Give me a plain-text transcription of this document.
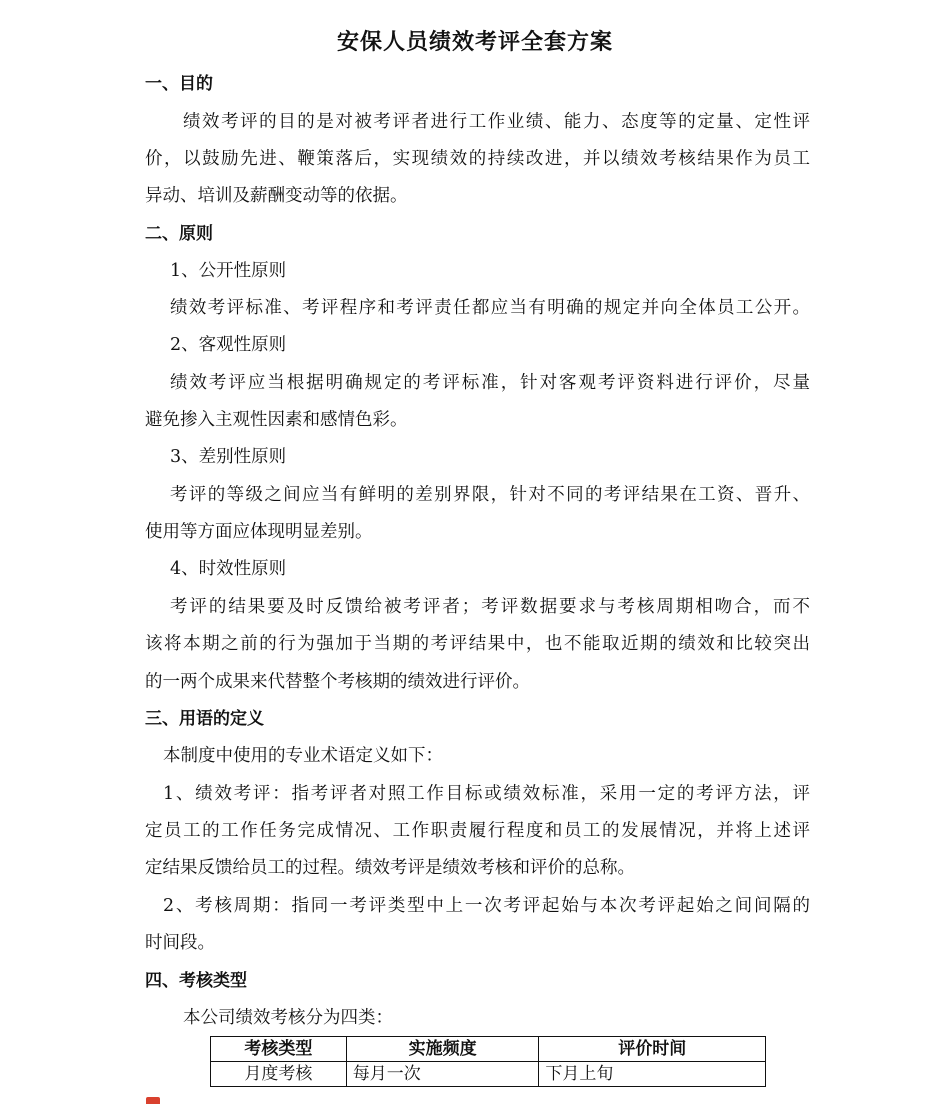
安保人员绩效考评全套方案
一、目的
绩效考评的目的是对被考评者进行工作业绩、能力、态度等的定量、定性评
价，以鼓励先进、鞭策落后，实现绩效的持续改进，并以绩效考核结果作为员工
异动、培训及薪酬变动等的依据。
二、原则
1、公开性原则
绩效考评标准、考评程序和考评责任都应当有明确的规定并向全体员工公开。
2、客观性原则
绩效考评应当根据明确规定的考评标准，针对客观考评资料进行评价，尽量
避免掺入主观性因素和感情色彩。
3、差别性原则
考评的等级之间应当有鲜明的差别界限，针对不同的考评结果在工资、晋升、
使用等方面应体现明显差别。
4、时效性原则
考评的结果要及时反馈给被考评者；考评数据要求与考核周期相吻合，而不
该将本期之前的行为强加于当期的考评结果中，也不能取近期的绩效和比较突出
的一两个成果来代替整个考核期的绩效进行评价。
三、用语的定义
本制度中使用的专业术语定义如下：
1、绩效考评：指考评者对照工作目标或绩效标准，采用一定的考评方法，评
定员工的工作任务完成情况、工作职责履行程度和员工的发展情况，并将上述评
定结果反馈给员工的过程。绩效考评是绩效考核和评价的总称。
2、考核周期：指同一考评类型中上一次考评起始与本次考评起始之间间隔的
时间段。
四、考核类型
本公司绩效考核分为四类：
考核类型	实施频度	评价时间
月度考核	每月一次	下月上旬
